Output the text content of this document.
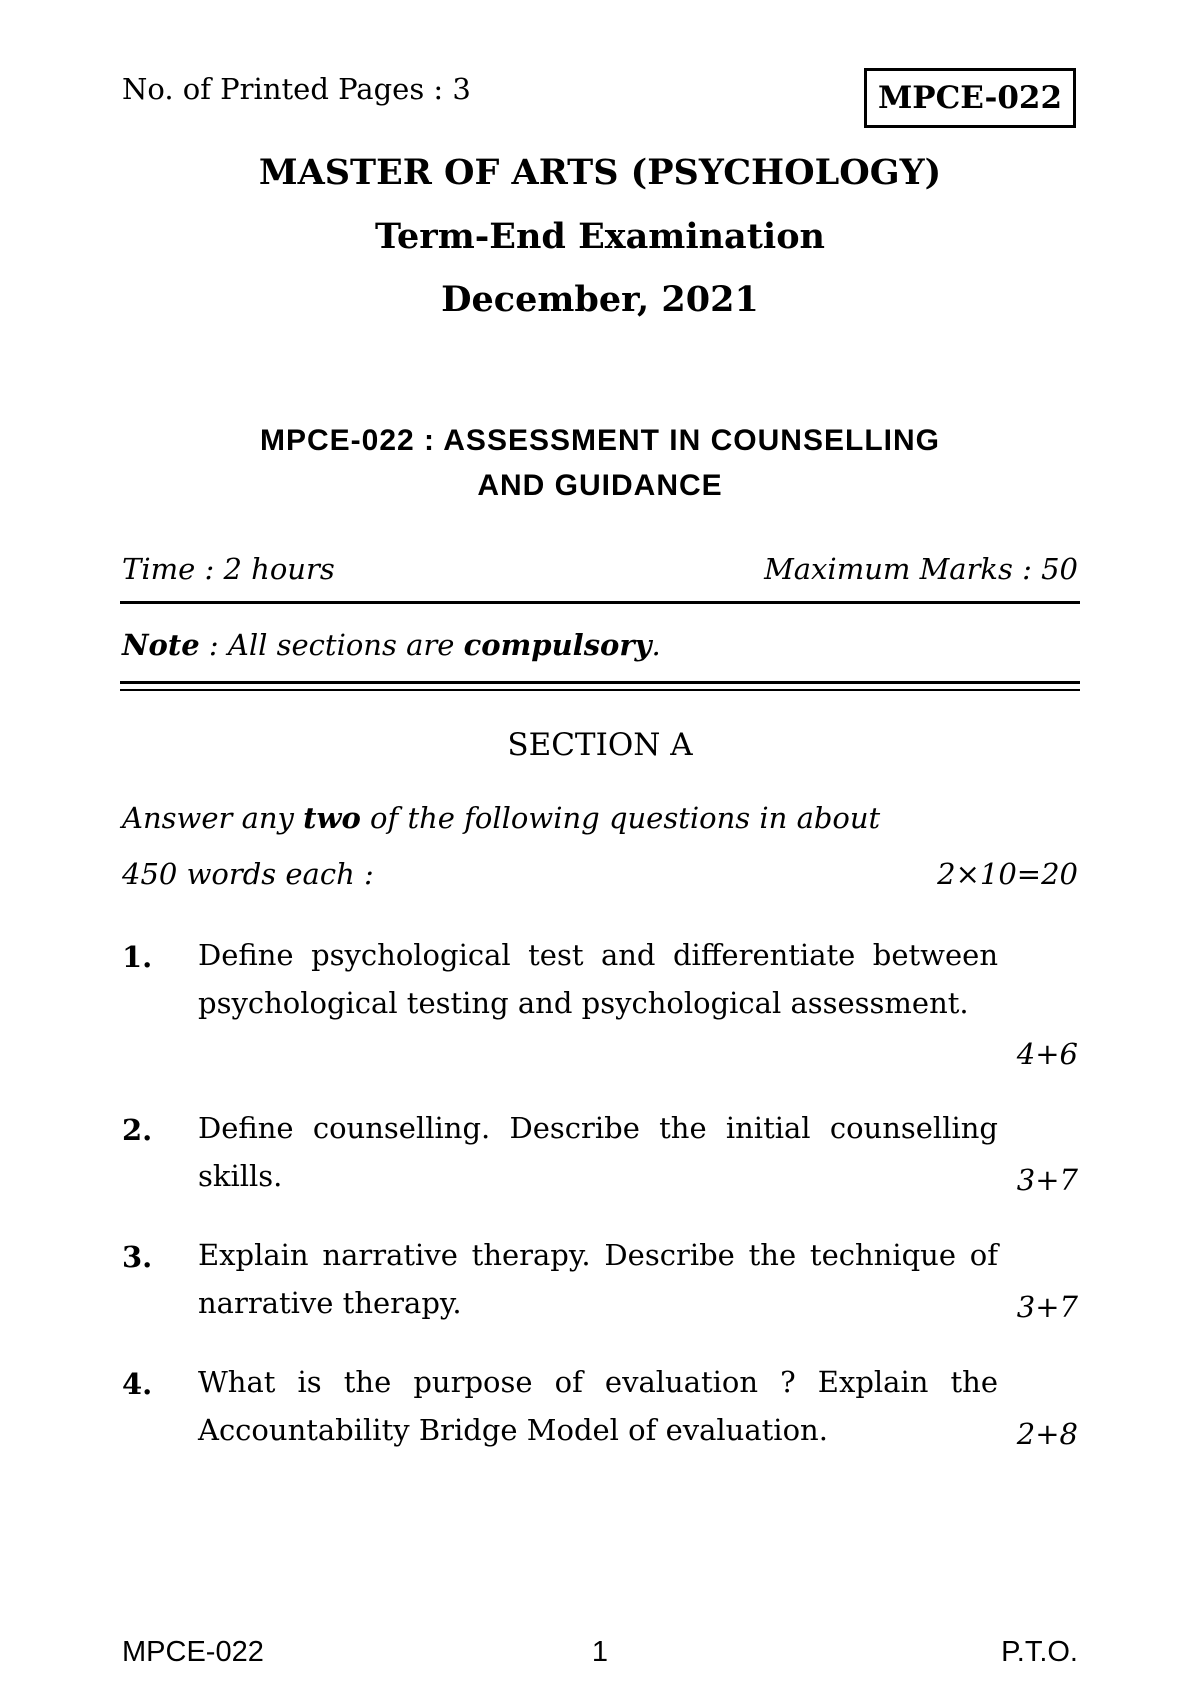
No. of Printed Pages : 3	MPCE-022
MASTER OF ARTS (PSYCHOLOGY)
Term-End Examination
December, 2021
MPCE-022 : ASSESSMENT IN COUNSELLING
AND GUIDANCE
Time : 2 hours	Maximum Marks : 50
Note : All sections are compulsory.
SECTION A
Answer any two of the following questions in about
450 words each :	2×10=20
1. Define psychological test and differentiate between psychological testing and psychological assessment.
4+6
2. Define counselling. Describe the initial counselling skills.	3+7
3. Explain narrative therapy. Describe the technique of narrative therapy.	3+7
4. What is the purpose of evaluation ? Explain the Accountability Bridge Model of evaluation.	2+8
MPCE-022	1	P.T.O.
